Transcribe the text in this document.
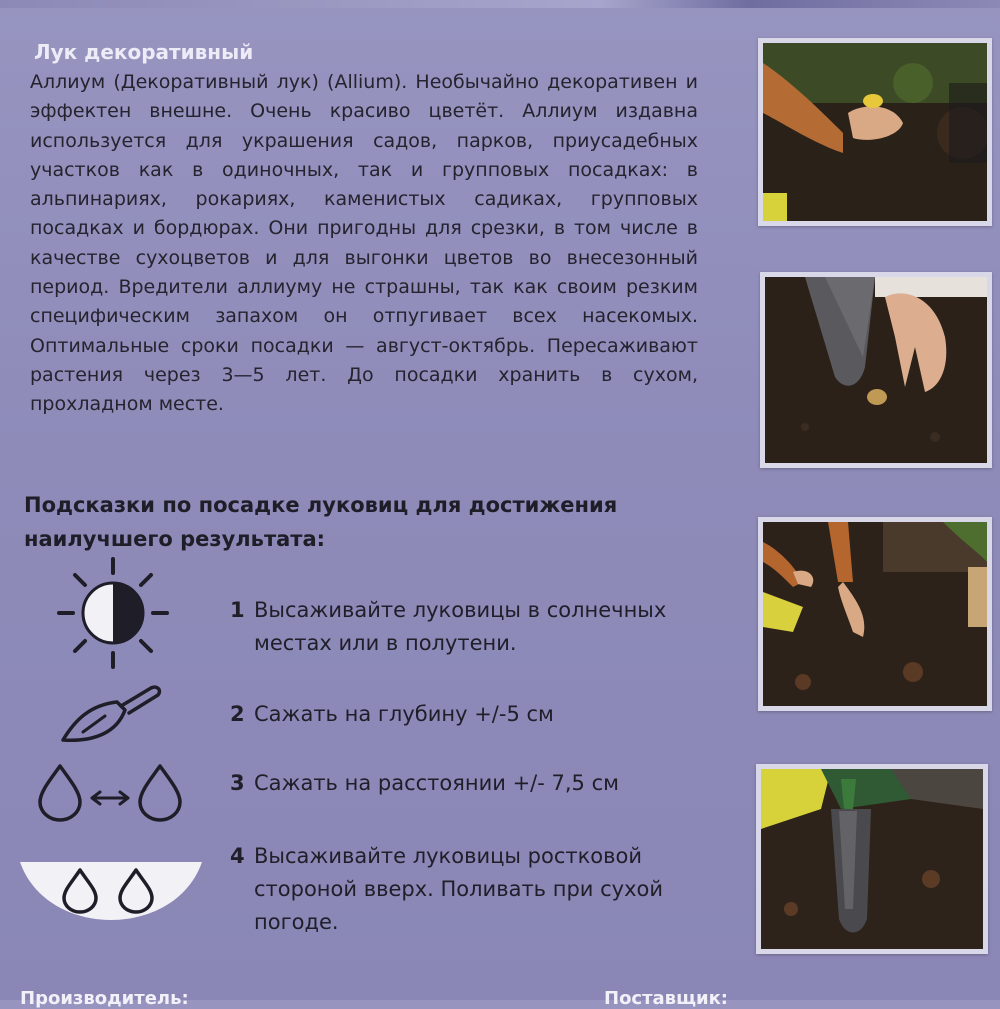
Лук декоративный
Аллиум (Декоративный лук) (Allium). Необычайно декоративен и эффектен внешне. Очень красиво цветёт. Аллиум издавна используется для украшения садов, парков, приусадебных участков как в одиночных, так и групповых посадках: в альпинариях, рокариях, каменистых садиках, групповых посадках и бордюрах. Они пригодны для срезки, в том числе в качестве сухоцветов и для выгонки цветов во внесезонный период. Вредители аллиуму не страшны, так как своим резким специфическим запахом он отпугивает всех насекомых. Оптимальные сроки посадки — август-октябрь. Пересаживают растения через 3—5 лет. До посадки хранить в сухом, прохладном месте.
Подсказки по посадке луковиц для достижения наилучшего результата:
1 Высаживайте луковицы в солнечных местах или в полутени.
2 Сажать на глубину +/-5 см
3 Сажать на расстоянии +/- 7,5 см
4 Высаживайте луковицы ростковой стороной вверх. Поливать при сухой погоде.
Производитель:	Поставщик:
